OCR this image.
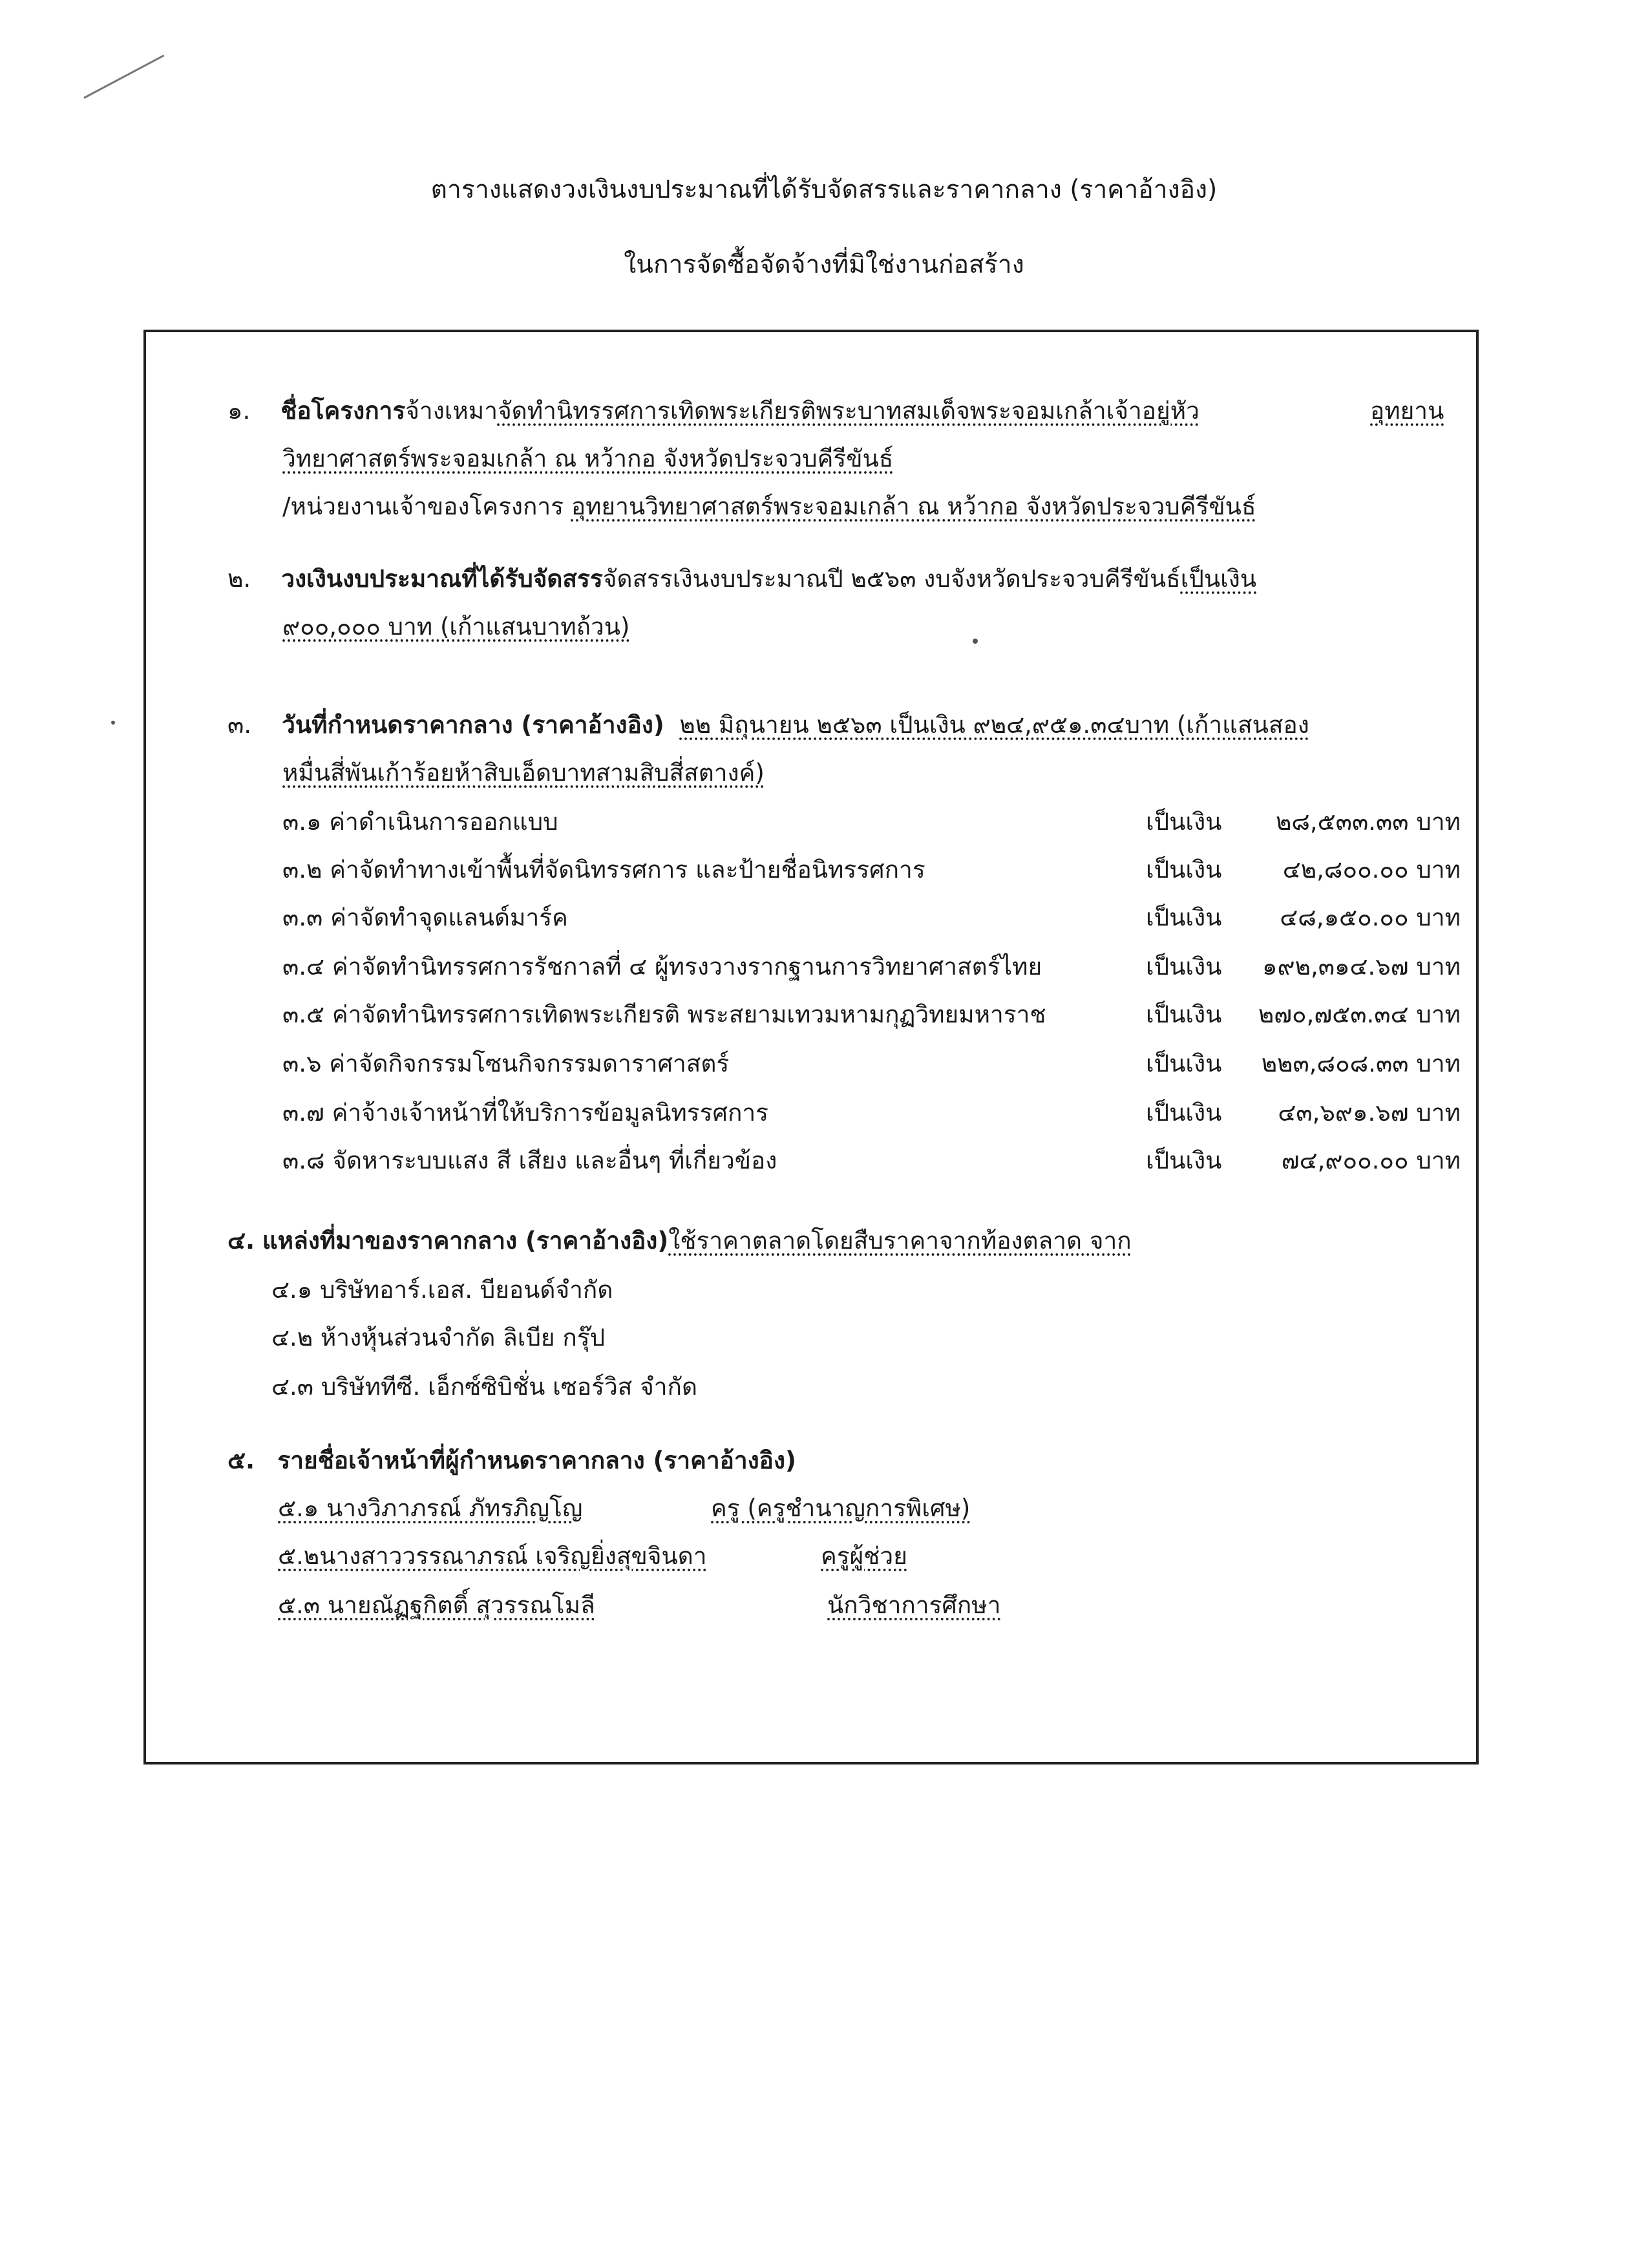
ตารางแสดงวงเงินงบประมาณที่ได้รับจัดสรรและราคากลาง (ราคาอ้างอิง)
ในการจัดซื้อจัดจ้างที่มิใช่งานก่อสร้าง
๑. ชื่อโครงการจ้างเหมาจัดทำนิทรรศการเทิดพระเกียรติพระบาทสมเด็จพระจอมเกล้าเจ้าอยู่หัว	อุทยาน
วิทยาศาสตร์พระจอมเกล้า ณ หว้ากอ จังหวัดประจวบคีรีขันธ์
/หน่วยงานเจ้าของโครงการ อุทยานวิทยาศาสตร์พระจอมเกล้า ณ หว้ากอ จังหวัดประจวบคีรีขันธ์
๒. วงเงินงบประมาณที่ได้รับจัดสรรจัดสรรเงินงบประมาณปี ๒๕๖๓ งบจังหวัดประจวบคีรีขันธ์เป็นเงิน
๙๐๐,๐๐๐ บาท (เก้าแสนบาทถ้วน)
๓. วันที่กำหนดราคากลาง (ราคาอ้างอิง) ๒๒ มิถุนายน ๒๕๖๓ เป็นเงิน ๙๒๔,๙๕๑.๓๔บาท (เก้าแสนสอง
หมื่นสี่พันเก้าร้อยห้าสิบเอ็ดบาทสามสิบสี่สตางค์)
๓.๑ ค่าดำเนินการออกแบบ	เป็นเงิน ๒๘,๕๓๓.๓๓ บาท
๓.๒ ค่าจัดทำทางเข้าพื้นที่จัดนิทรรศการ และป้ายชื่อนิทรรศการ	เป็นเงิน	๔๒,๘๐๐.๐๐ บาท
๓.๓ ค่าจัดทำจุดแลนด์มาร์ค	เป็นเงิน ๔๘,๑๕๐.๐๐ บาท
๓.๔ ค่าจัดทำนิทรรศการรัชกาลที่ ๔ ผู้ทรงวางรากฐานการวิทยาศาสตร์ไทย	เป็นเงิน ๑๙๒,๓๑๔.๖๗ บาท
๓.๕ ค่าจัดทำนิทรรศการเทิดพระเกียรติ พระสยามเทวมหามกุฏวิทยมหาราช	เป็นเงิน ๒๗๐,๗๕๓.๓๔ บาท
๓.๖ ค่าจัดกิจกรรมโซนกิจกรรมดาราศาสตร์	เป็นเงิน ๒๒๓,๘๐๘.๓๓ บาท
๓.๗ ค่าจ้างเจ้าหน้าที่ให้บริการข้อมูลนิทรรศการ	เป็นเงิน ๔๓,๖๙๑.๖๗ บาท
๓.๘ จัดหาระบบแสง สี เสียง และอื่นๆ ที่เกี่ยวข้อง	เป็นเงิน ๗๔,๙๐๐.๐๐ บาท
๔. แหล่งที่มาของราคากลาง (ราคาอ้างอิง)ใช้ราคาตลาดโดยสืบราคาจากท้องตลาด จาก
๔.๑ บริษัทอาร์.เอส. บียอนด์จำกัด
๔.๒ ห้างหุ้นส่วนจำกัด ลิเบีย กรุ๊ป
๔.๓ บริษัททีซี. เอ็กซ์ซิบิชั่น เซอร์วิส จำกัด
๕. รายชื่อเจ้าหน้าที่ผู้กำหนดราคากลาง (ราคาอ้างอิง)
๕.๑ นางวิภาภรณ์ ภัทรภิญโญ	ครู (ครูชำนาญการพิเศษ)
๕.๒นางสาววรรณาภรณ์ เจริญยิ่งสุขจินดา	ครูผู้ช่วย
๕.๓ นายณัฏฐกิตติ์ สุวรรณโมลี	นักวิชาการศึกษา
